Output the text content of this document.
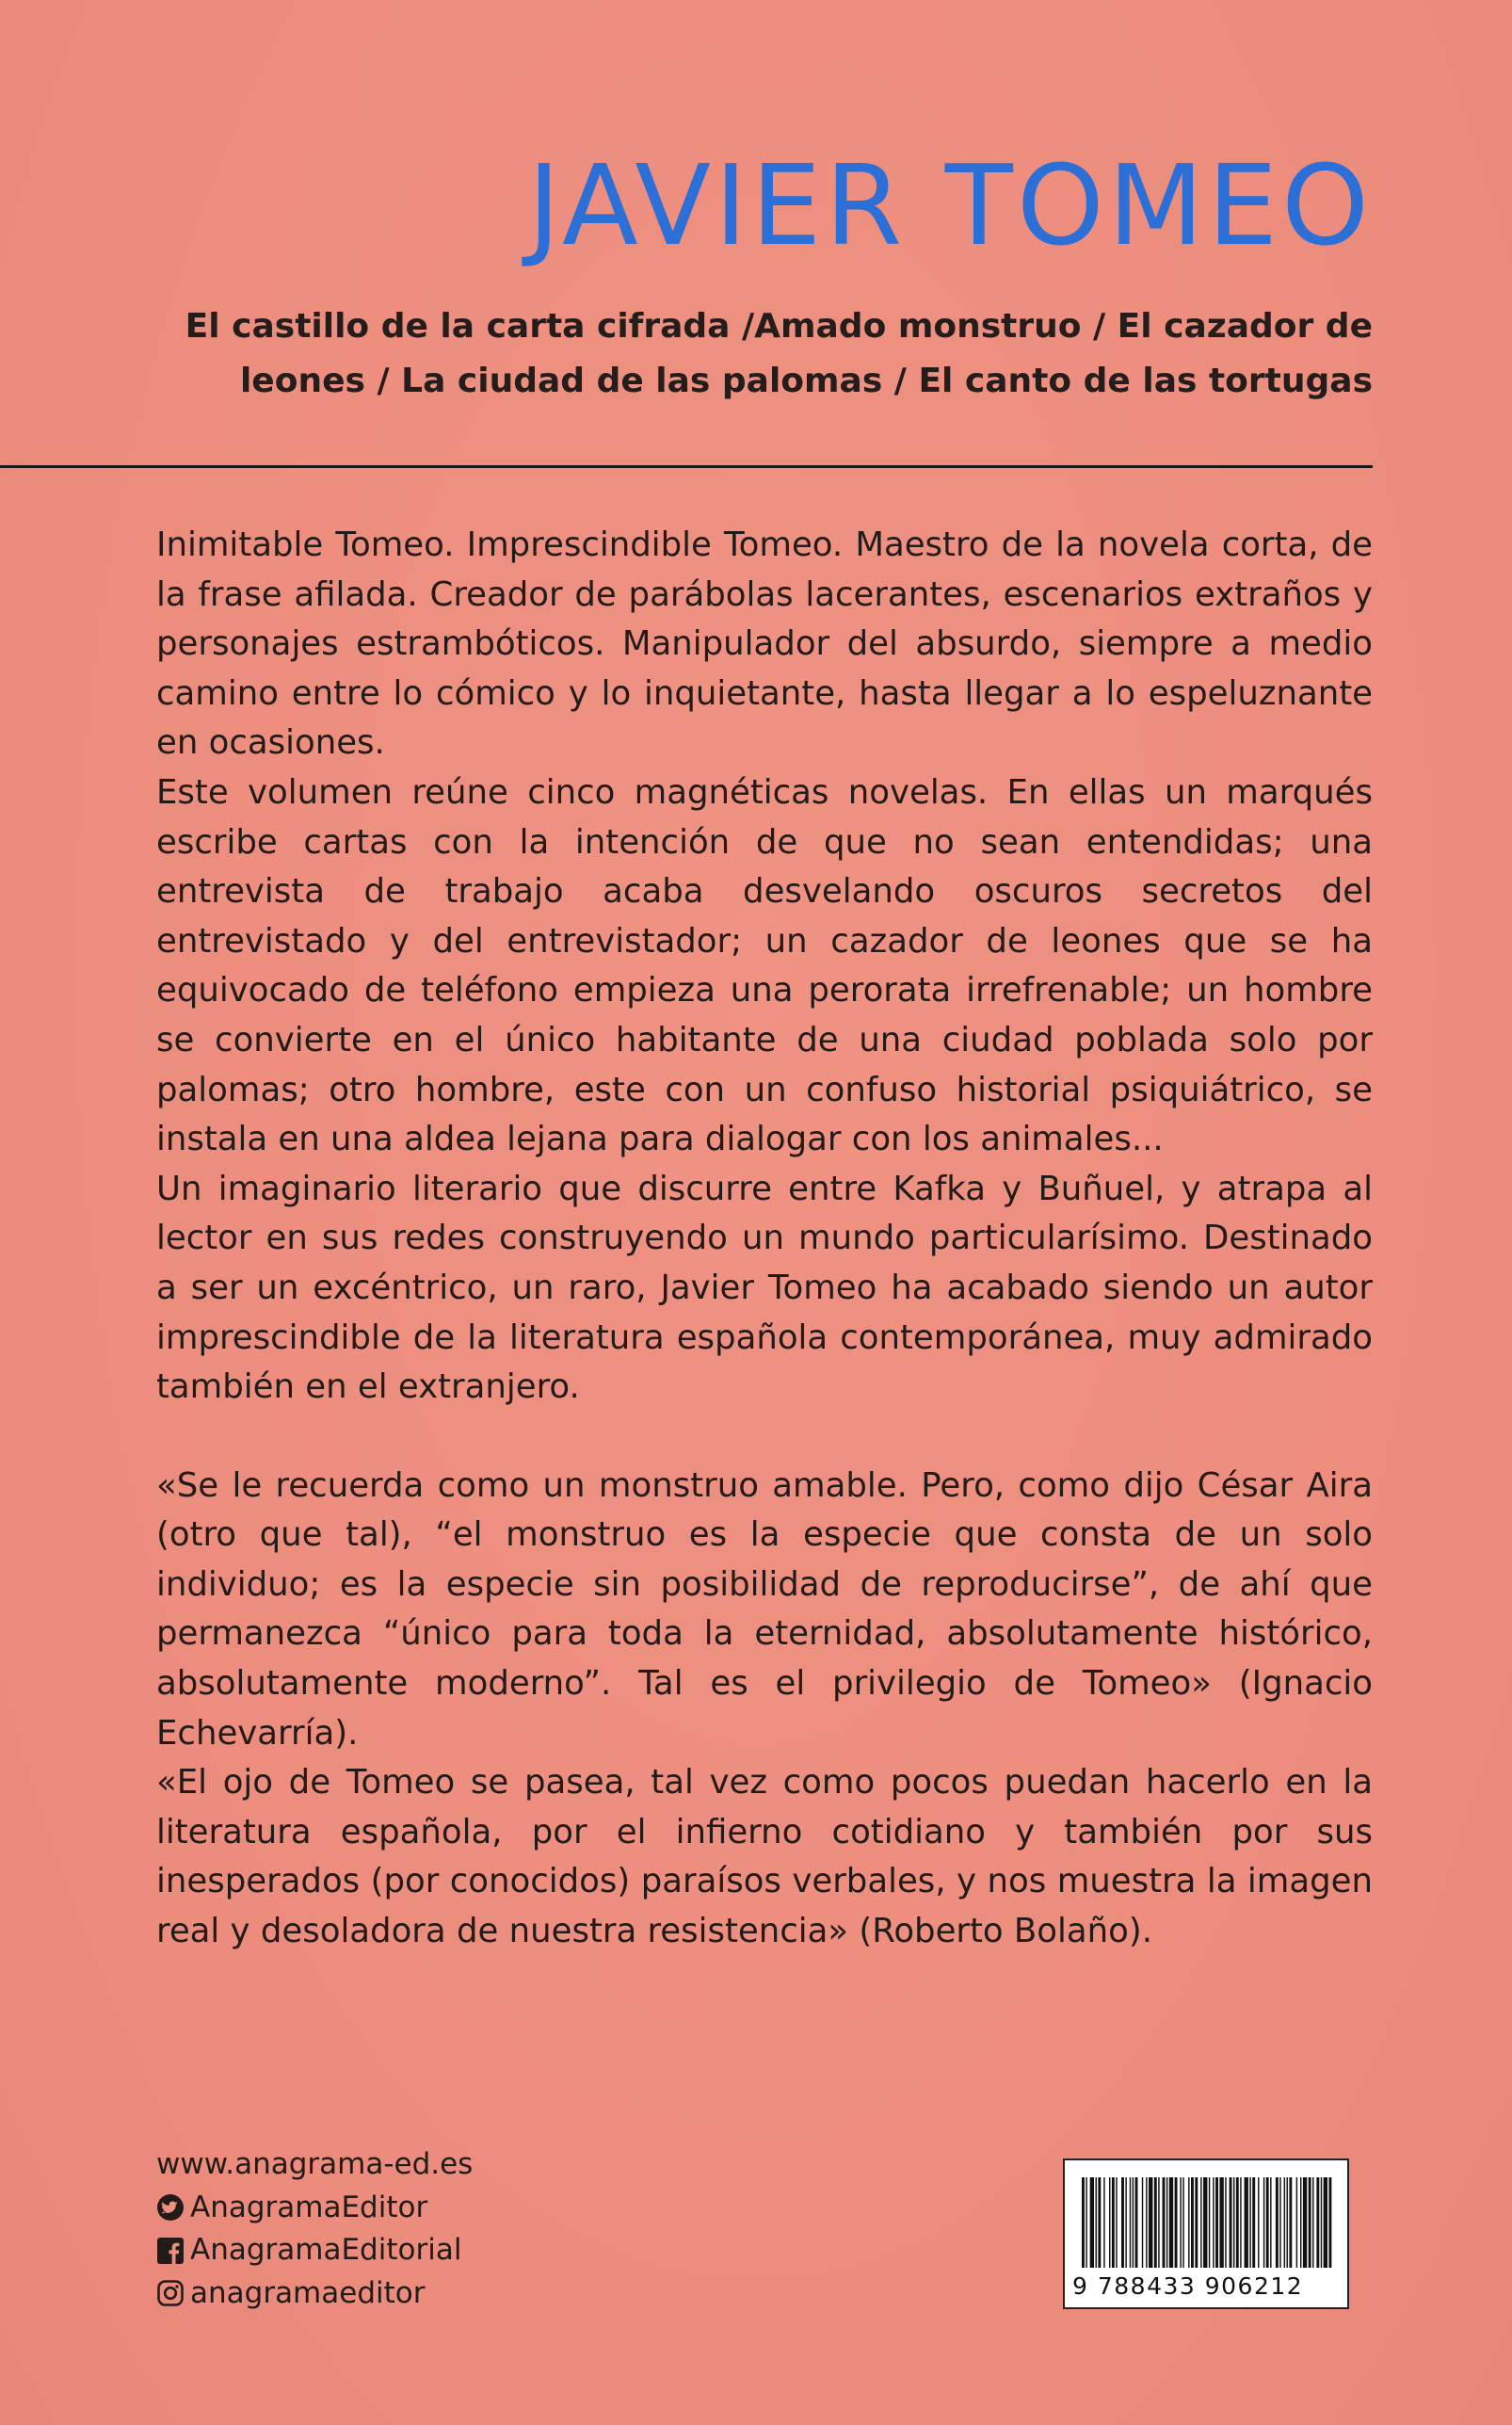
JAVIER TOMEO

El castillo de la carta cifrada /Amado monstruo / El cazador de leones / La ciudad de las palomas / El canto de las tortugas

Inimitable Tomeo. Imprescindible Tomeo. Maestro de la novela corta, de la frase afilada. Creador de parábolas lacerantes, escenarios extraños y personajes estrambóticos. Manipulador del absurdo, siempre a medio camino entre lo cómico y lo inquietante, hasta llegar a lo espeluznante en ocasiones.

Este volumen reúne cinco magnéticas novelas. En ellas un marqués escribe cartas con la intención de que no sean entendidas; una entrevista de trabajo acaba desvelando oscuros secretos del entrevistado y del entrevistador; un cazador de leones que se ha equivocado de teléfono empieza una perorata irrefrenable; un hombre se convierte en el único habitante de una ciudad poblada solo por palomas; otro hombre, este con un confuso historial psiquiátrico, se instala en una aldea lejana para dialogar con los animales...

Un imaginario literario que discurre entre Kafka y Buñuel, y atrapa al lector en sus redes construyendo un mundo particularísimo. Destinado a ser un excéntrico, un raro, Javier Tomeo ha acabado siendo un autor imprescindible de la literatura española contemporánea, muy admirado también en el extranjero.

«Se le recuerda como un monstruo amable. Pero, como dijo César Aira (otro que tal), “el monstruo es la especie que consta de un solo individuo; es la especie sin posibilidad de reproducirse”, de ahí que permanezca “único para toda la eternidad, absolutamente histórico, absolutamente moderno”. Tal es el privilegio de Tomeo» (Ignacio Echevarría).

«El ojo de Tomeo se pasea, tal vez como pocos puedan hacerlo en la literatura española, por el infierno cotidiano y también por sus inesperados (por conocidos) paraísos verbales, y nos muestra la imagen real y desoladora de nuestra resistencia» (Roberto Bolaño).

www.anagrama-ed.es
AnagramaEditor
AnagramaEditorial
anagramaeditor	9 788433 906212
